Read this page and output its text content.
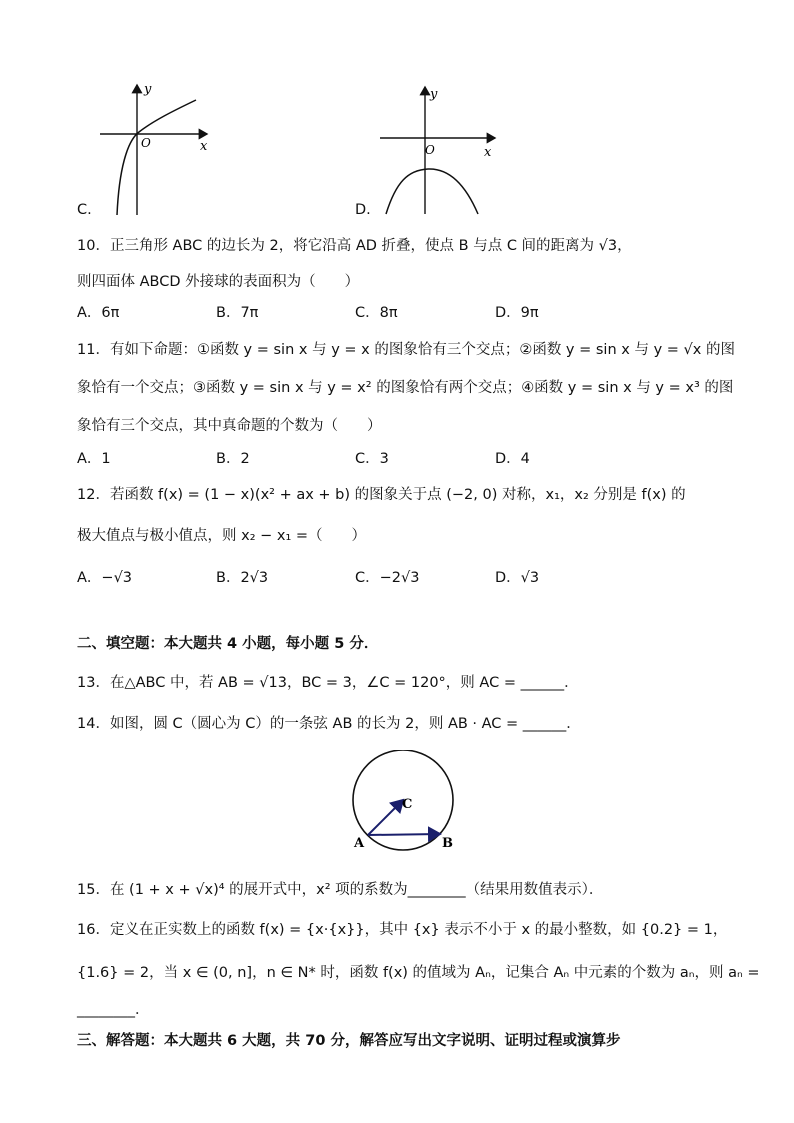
y
x
O
C.
y
x
O
D.
10．正三角形 ABC 的边长为 2，将它沿高 AD 折叠，使点 B 与点 C 间的距离为 √3，
则四面体 ABCD 外接球的表面积为（　　）
A．6π	B．7π	C．8π	D．9π
11．有如下命题：①函数 y = sin x 与 y = x 的图象恰有三个交点；②函数 y = sin x 与 y = √x 的图
象恰有一个交点；③函数 y = sin x 与 y = x² 的图象恰有两个交点；④函数 y = sin x 与 y = x³ 的图
象恰有三个交点，其中真命题的个数为（　　）
A．1	B．2	C．3	D．4
12．若函数 f(x) = (1 − x)(x² + ax + b) 的图象关于点 (−2, 0) 对称，x₁，x₂ 分别是 f(x) 的
极大值点与极小值点，则 x₂ − x₁ =（　　）
A．−√3	B．2√3	C．−2√3	D．√3
二、填空题：本大题共 4 小题，每小题 5 分．
13．在△ABC 中，若 AB = √13，BC = 3，∠C = 120°，则 AC = ______．
14．如图，圆 C（圆心为 C）的一条弦 AB 的长为 2，则 AB · AC = ______．
A	B
C
15．在 (1 + x + √x)⁴ 的展开式中，x² 项的系数为________（结果用数值表示）．
16．定义在正实数上的函数 f(x) = {x·{x}}，其中 {x} 表示不小于 x 的最小整数，如 {0.2} = 1，
{1.6} = 2，当 x ∈ (0, n]，n ∈ N* 时，函数 f(x) 的值域为 Aₙ，记集合 Aₙ 中元素的个数为 aₙ，则 aₙ =
________．
三、解答题：本大题共 6 大题，共 70 分，解答应写出文字说明、证明过程或演算步
